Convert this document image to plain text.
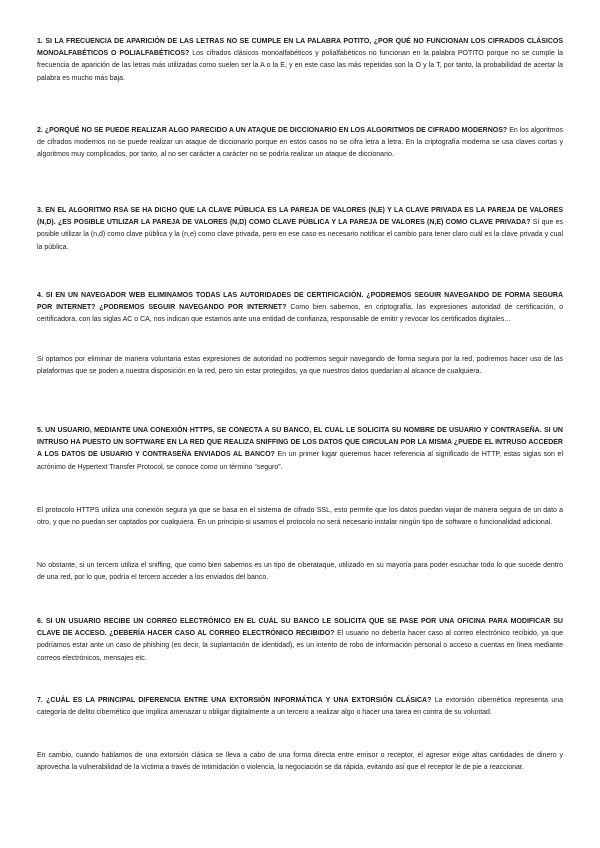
1. SI LA FRECUENCIA DE APARICIÓN DE LAS LETRAS NO SE CUMPLE EN LA PALABRA POTITO, ¿POR QUÉ NO FUNCIONAN LOS CIFRADOS CLÁSICOS MONOALFABÉTICOS O POLIALFABÉTICOS? Los cifrados clásicos monoalfabéticos y polialfabéticos no funcionan en la palabra POTITO porque no se cumple la frecuencia de aparición de las letras más utilizadas como suelen ser la A o la E, y en este caso las más repetidas son la O y la T, por tanto, la probabilidad de acertar la palabra es mucho más baja.

2. ¿PORQUÉ NO SE PUEDE REALIZAR ALGO PARECIDO A UN ATAQUE DE DICCIONARIO EN LOS ALGORITMOS DE CIFRADO MODERNOS? En los algoritmos de cifrados modernos no se puede realizar un ataque de diccionario porque en estos casos no se cifra letra a letra. En la criptografía moderna se usa claves cortas y algoritmos muy complicados, por tanto, al no ser carácter a carácter no se podría realizar un ataque de diccionario.

3. EN EL ALGORITMO RSA SE HA DICHO QUE LA CLAVE PÚBLICA ES LA PAREJA DE VALORES (N,E) Y LA CLAVE PRIVADA ES LA PAREJA DE VALORES (N,D). ¿ES POSIBLE UTILIZAR LA PAREJA DE VALORES (N,D) COMO CLAVE PÚBLICA Y LA PAREJA DE VALORES (N,E) COMO CLAVE PRIVADA? Sí que es posible utilizar la (n,d) como clave pública y la (n,e) como clave privada, pero en ese caso es necesario notificar el cambio para tener claro cuál es la clave privada y cual la pública.

4. SI EN UN NAVEGADOR WEB ELIMINAMOS TODAS LAS AUTORIDADES DE CERTIFICACIÓN. ¿PODREMOS SEGUIR NAVEGANDO DE FORMA SEGURA POR INTERNET? ¿PODREMOS SEGUIR NAVEGANDO POR INTERNET? Como bien sabemos, en criptografía, las expresiones autoridad de certificación, o certificadora, con las siglas AC o CA, nos indican que estamos ante una entidad de confianza, responsable de emitir y revocar los certificados digitales…

Si optamos por eliminar de manera voluntaria estas expresiones de autoridad no podremos seguir navegando de forma segura por la red, podremos hacer uso de las plataformas que se poden a nuestra disposición en la red, pero sin estar protegidos, ya que nuestros datos quedarían al alcance de cualquiera.

5. UN USUARIO, MEDIANTE UNA CONEXIÓN HTTPS, SE CONECTA A SU BANCO, EL CUAL LE SOLICITA SU NOMBRE DE USUARIO Y CONTRASEÑA. SI UN INTRUSO HA PUESTO UN SOFTWARE EN LA RED QUE REALIZA SNIFFING DE LOS DATOS QUE CIRCULAN POR LA MISMA ¿PUEDE EL INTRUSO ACCEDER A LOS DATOS DE USUARIO Y CONTRASEÑA ENVIADOS AL BANCO? En un primer lugar queremos hacer referencia al significado de HTTP, estas siglas son el acrónimo de Hypertext Transfer Protocol, se conoce como un término “seguro”.

El protocolo HTTPS utiliza una conexión segura ya que se basa en el sistema de cifrado SSL, esto permite que los datos puedan viajar de manera segura de un dato a otro, y que no puedan ser captados por cualquiera. En un principio si usamos el protocolo no será necesario instalar ningún tipo de software o funcionalidad adicional.

No obstante, si un tercero utiliza el sniffing, que como bien sabemos es un tipo de ciberataque, utilizado en su mayoría para poder escuchar todo lo que sucede dentro de una red, por lo que, podría el tercero acceder a los enviados del banco.

6. SI UN USUARIO RECIBE UN CORREO ELECTRÓNICO EN EL CUÁL SU BANCO LE SOLICITA QUE SE PASE POR UNA OFICINA PARA MODIFICAR SU CLAVE DE ACCESO. ¿DEBERÍA HACER CASO AL CORREO ELECTRÓNICO RECIBIDO? El usuario no debería hacer caso al correo electrónico recibido, ya que podríamos estar ante un caso de phishing (es decir, la suplantación de identidad), es un intento de robo de información personal o acceso a cuentas en línea mediante correos electrónicos, mensajes etc.

7. ¿CUÁL ES LA PRINCIPAL DIFERENCIA ENTRE UNA EXTORSIÓN INFORMÁTICA Y UNA EXTORSIÓN CLÁSICA? La extorsión cibernética representa una categoría de delito cibernético que implica amenazar u obligar digitalmente a un tercero a realizar algo o hacer una tarea en contra de su voluntad.

En cambio, cuando hablamos de una extorsión clásica se lleva a cabo de una forma directa entre emisor o receptor, el agresor exige altas cantidades de dinero y aprovecha la vulnerabilidad de la víctima a través de intimidación o violencia, la negociación se da rápida, evitando así que el receptor le de pie a reaccionar.
